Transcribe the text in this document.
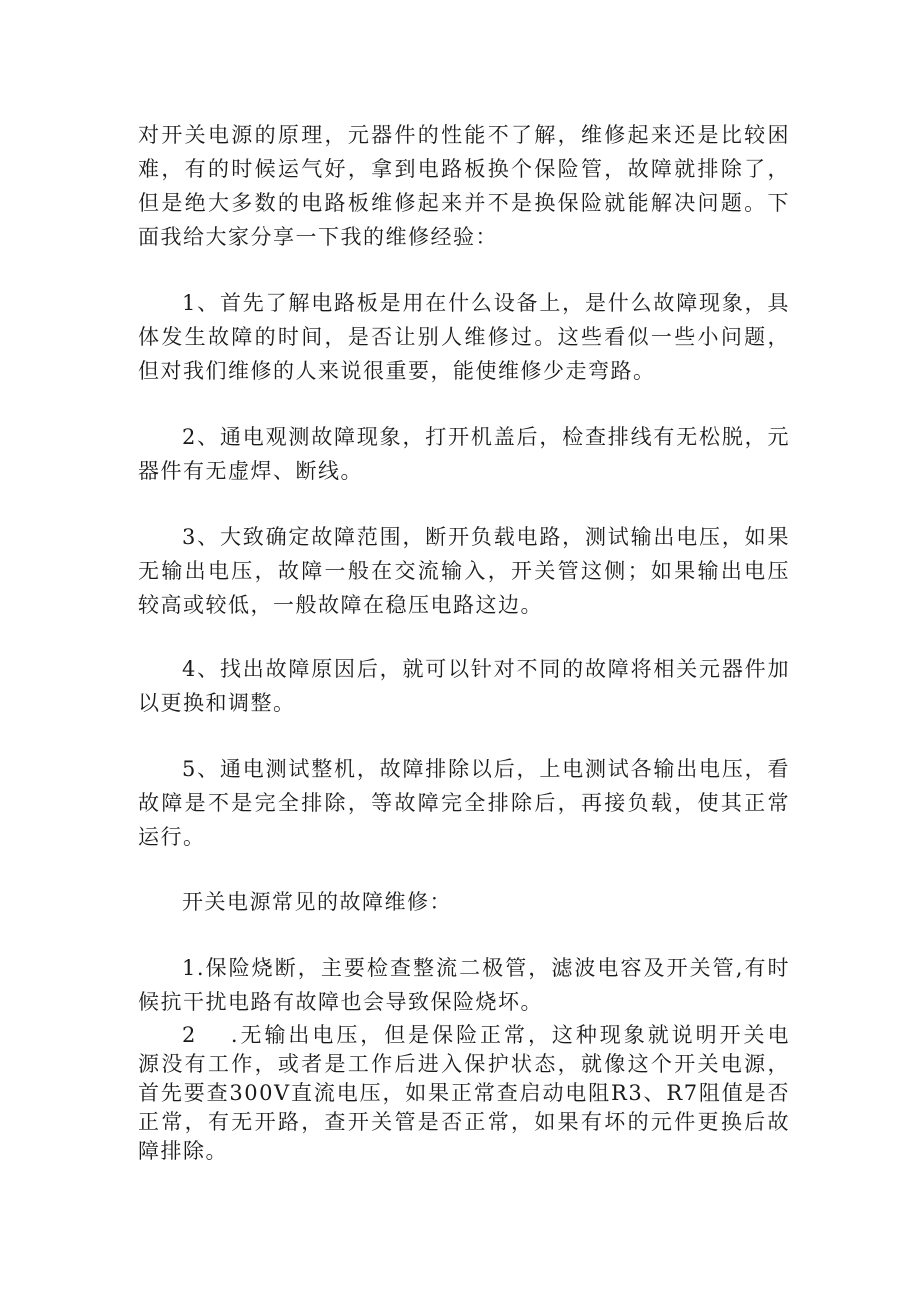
对开关电源的原理，元器件的性能不了解，维修起来还是比较困
难，有的时候运气好，拿到电路板换个保险管，故障就排除了，
但是绝大多数的电路板维修起来并不是换保险就能解决问题。下
面我给大家分享一下我的维修经验：

1、首先了解电路板是用在什么设备上，是什么故障现象，具
体发生故障的时间，是否让别人维修过。这些看似一些小问题，
但对我们维修的人来说很重要，能使维修少走弯路。

2、通电观测故障现象，打开机盖后，检查排线有无松脱，元
器件有无虚焊、断线。

3、大致确定故障范围，断开负载电路，测试输出电压，如果
无输出电压，故障一般在交流输入，开关管这侧；如果输出电压
较高或较低，一般故障在稳压电路这边。

4、找出故障原因后，就可以针对不同的故障将相关元器件加
以更换和调整。

5、通电测试整机，故障排除以后，上电测试各输出电压，看
故障是不是完全排除，等故障完全排除后，再接负载，使其正常
运行。

开关电源常见的故障维修：

1.保险烧断，主要检查整流二极管，滤波电容及开关管,有时
候抗干扰电路有故障也会导致保险烧坏。

2 .无输出电压，但是保险正常，这种现象就说明开关电
源没有工作，或者是工作后进入保护状态，就像这个开关电源，
首先要查300V直流电压，如果正常查启动电阻R3、R7阻值是否
正常，有无开路，查开关管是否正常，如果有坏的元件更换后故
障排除。
